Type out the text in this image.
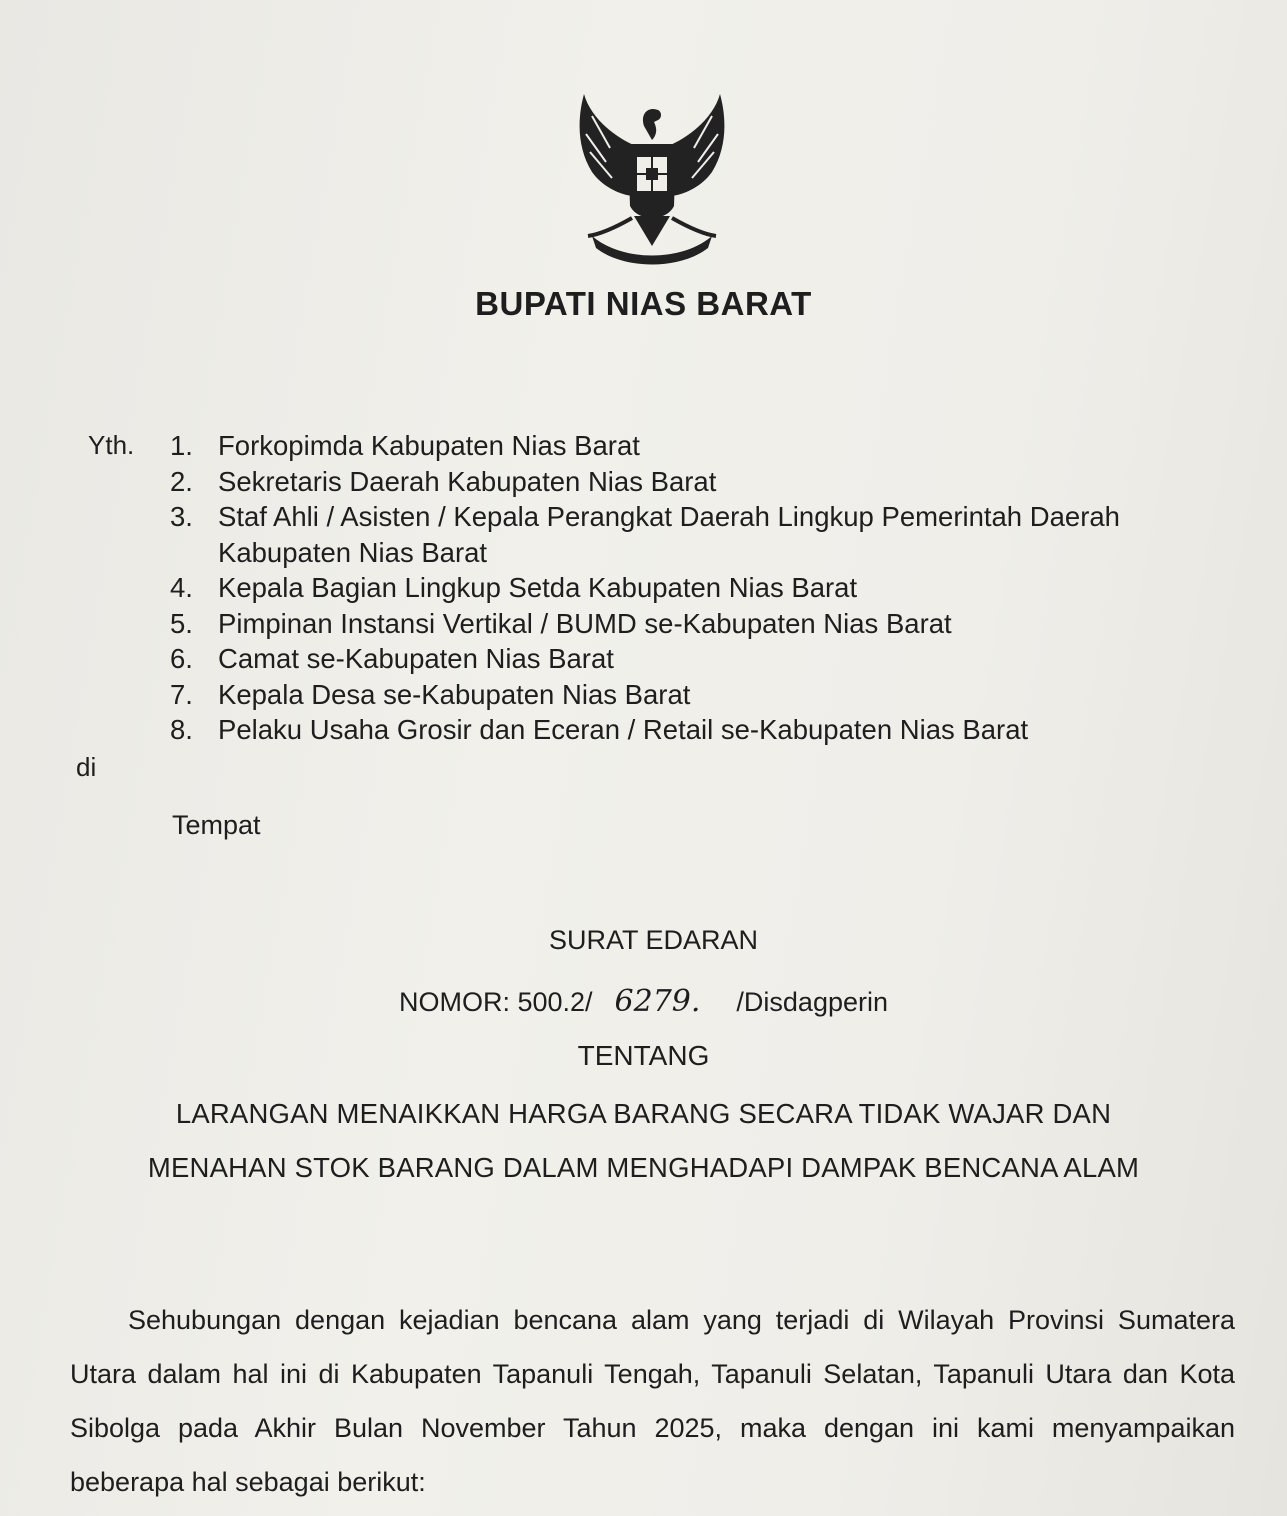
BUPATI NIAS BARAT
Yth. 1. Forkopimda Kabupaten Nias Barat
2. Sekretaris Daerah Kabupaten Nias Barat
3. Staf Ahli / Asisten / Kepala Perangkat Daerah Lingkup Pemerintah Daerah Kabupaten Nias Barat
4. Kepala Bagian Lingkup Setda Kabupaten Nias Barat
5. Pimpinan Instansi Vertikal / BUMD se-Kabupaten Nias Barat
6. Camat se-Kabupaten Nias Barat
7. Kepala Desa se-Kabupaten Nias Barat
8. Pelaku Usaha Grosir dan Eceran / Retail se-Kabupaten Nias Barat
di
Tempat
SURAT EDARAN
NOMOR: 500.2/ 6279. /Disdagperin
TENTANG
LARANGAN MENAIKKAN HARGA BARANG SECARA TIDAK WAJAR DAN
MENAHAN STOK BARANG DALAM MENGHADAPI DAMPAK BENCANA ALAM

Sehubungan dengan kejadian bencana alam yang terjadi di Wilayah Provinsi Sumatera Utara dalam hal ini di Kabupaten Tapanuli Tengah, Tapanuli Selatan, Tapanuli Utara dan Kota Sibolga pada Akhir Bulan November Tahun 2025, maka dengan ini kami menyampaikan beberapa hal sebagai berikut:
